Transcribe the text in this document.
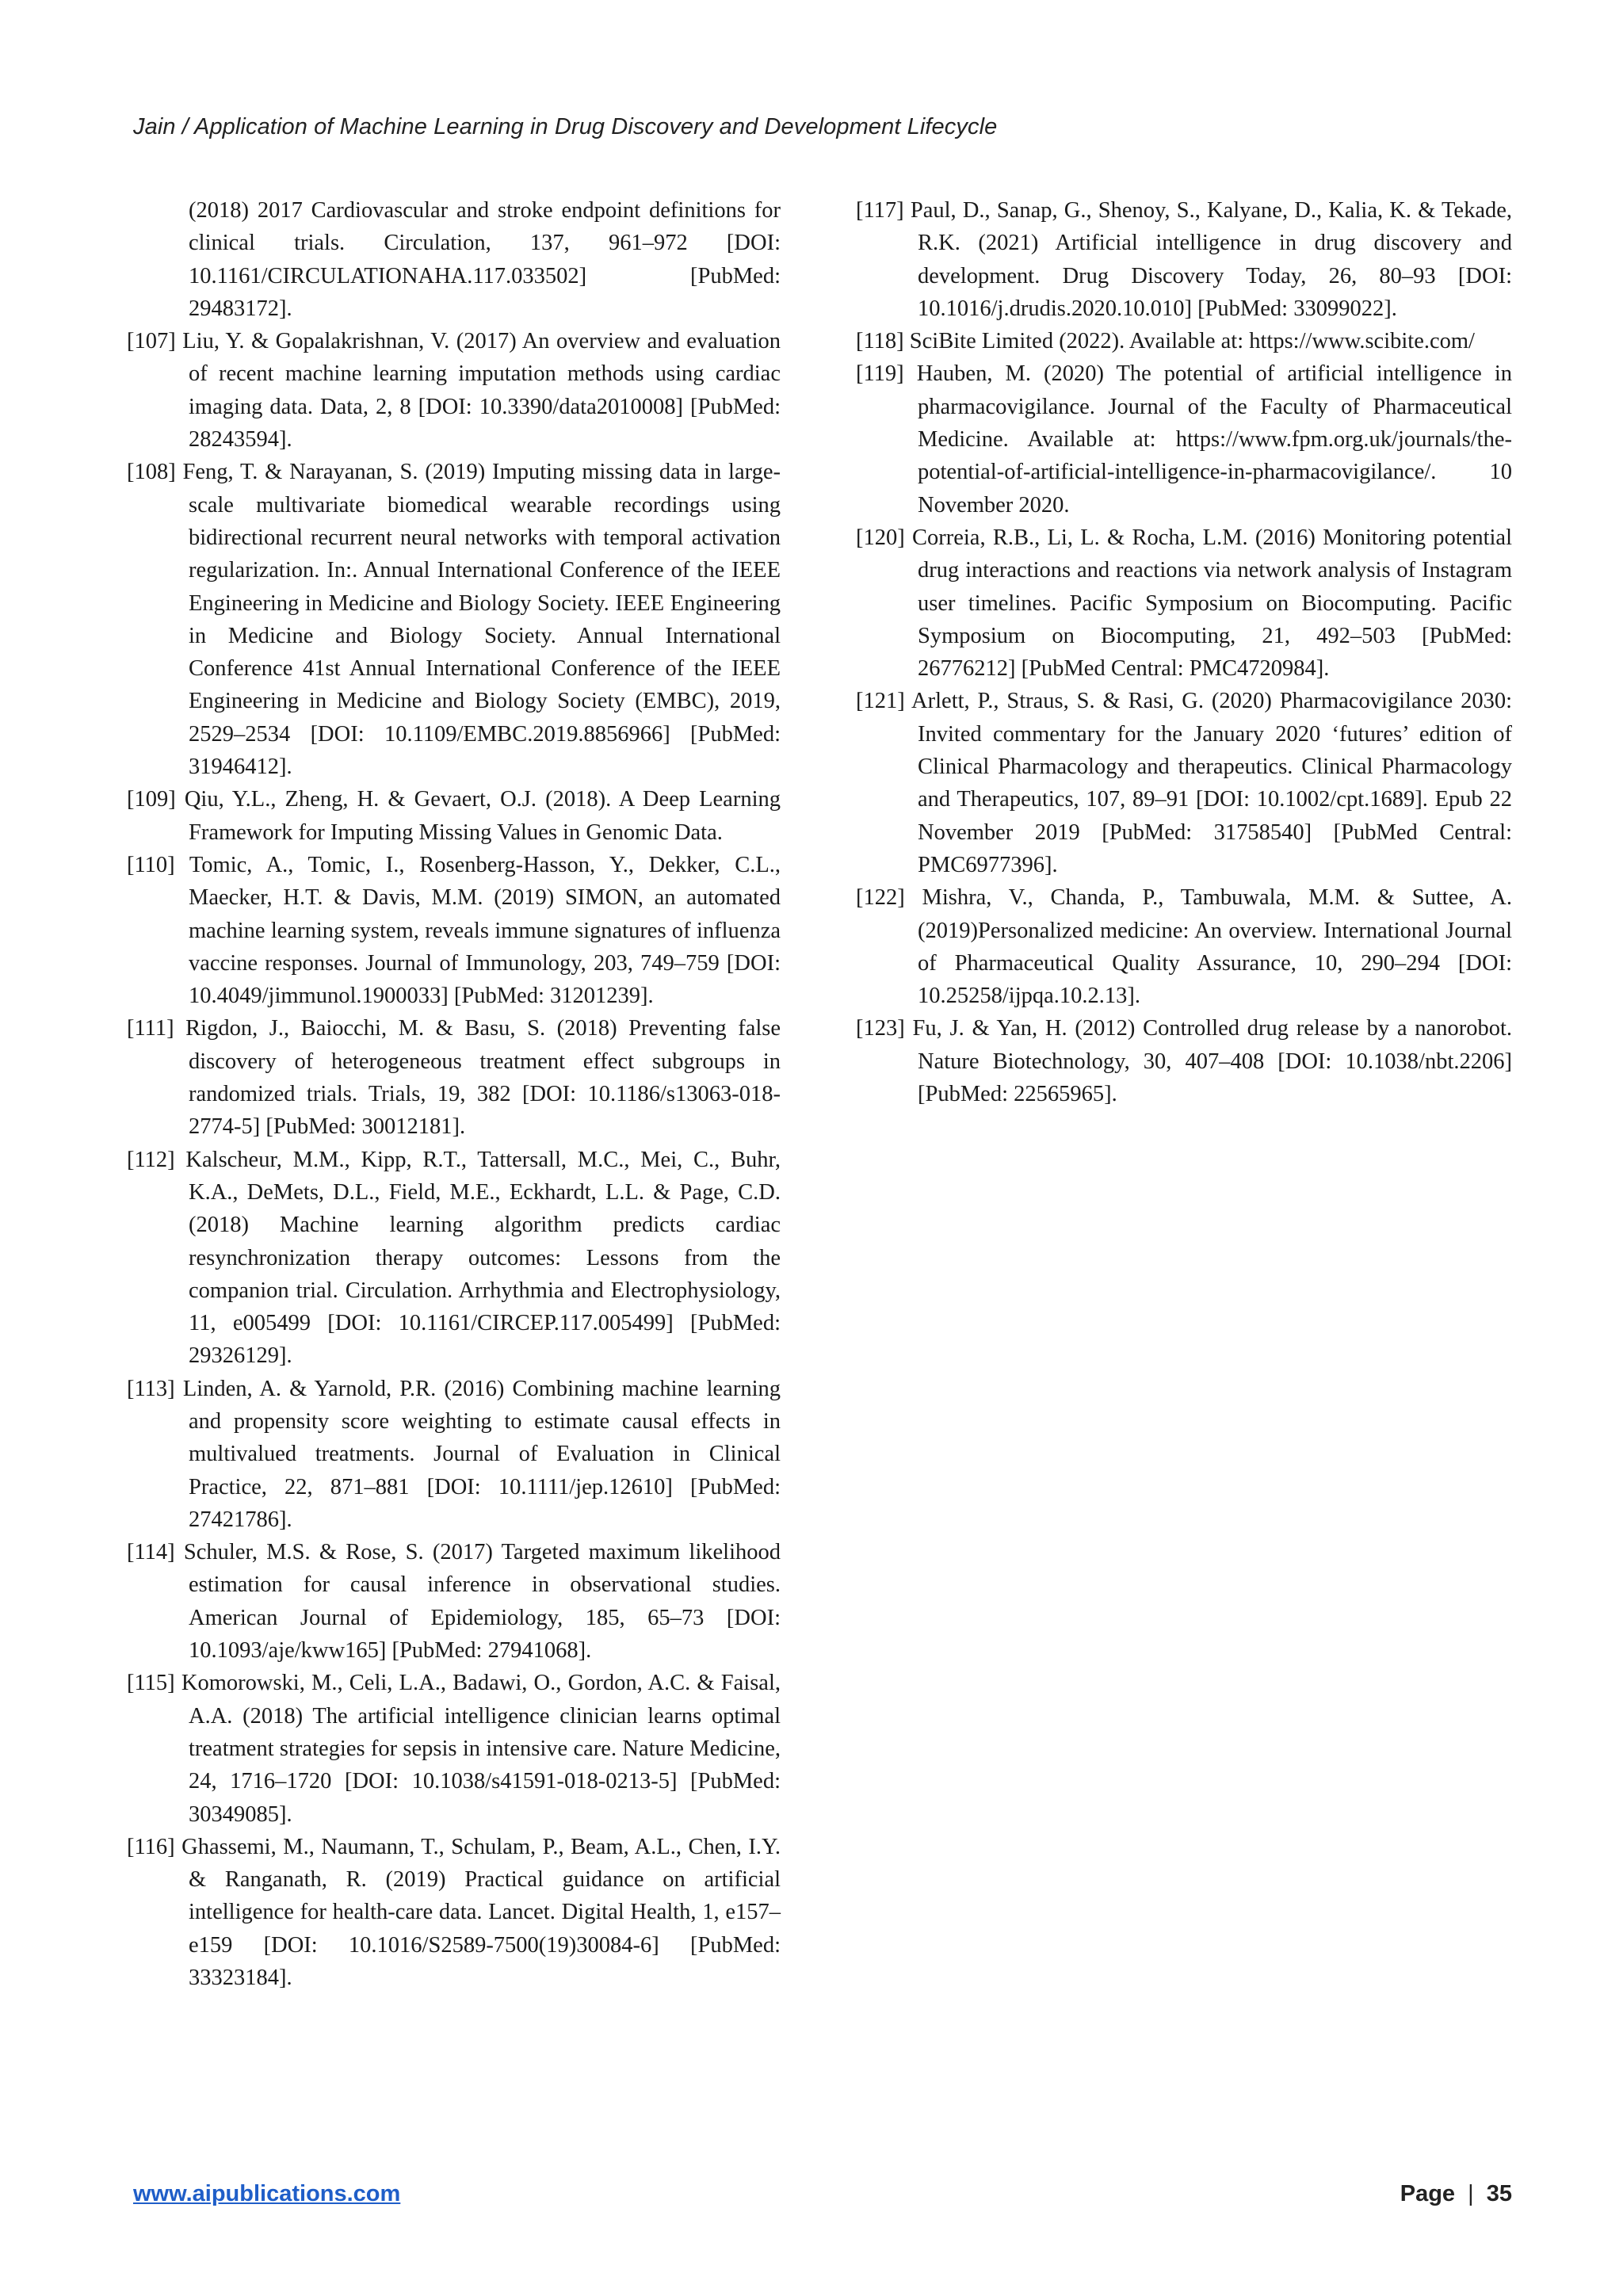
Jain / Application of Machine Learning in Drug Discovery and Development Lifecycle
(2018) 2017 Cardiovascular and stroke endpoint definitions for clinical trials. Circulation, 137, 961–972 [DOI: 10.1161/CIRCULATIONAHA.117.033502] [PubMed: 29483172].
[107] Liu, Y. & Gopalakrishnan, V. (2017) An overview and evaluation of recent machine learning imputation methods using cardiac imaging data. Data, 2, 8 [DOI: 10.3390/data2010008] [PubMed: 28243594].
[108] Feng, T. & Narayanan, S. (2019) Imputing missing data in large-scale multivariate biomedical wearable recordings using bidirectional recurrent neural networks with temporal activation regularization. In:. Annual International Conference of the IEEE Engineering in Medicine and Biology Society. IEEE Engineering in Medicine and Biology Society. Annual International Conference 41st Annual International Conference of the IEEE Engineering in Medicine and Biology Society (EMBC), 2019, 2529–2534 [DOI: 10.1109/EMBC.2019.8856966] [PubMed: 31946412].
[109] Qiu, Y.L., Zheng, H. & Gevaert, O.J. (2018). A Deep Learning Framework for Imputing Missing Values in Genomic Data.
[110] Tomic, A., Tomic, I., Rosenberg-Hasson, Y., Dekker, C.L., Maecker, H.T. & Davis, M.M. (2019) SIMON, an automated machine learning system, reveals immune signatures of influenza vaccine responses. Journal of Immunology, 203, 749–759 [DOI: 10.4049/jimmunol.1900033] [PubMed: 31201239].
[111] Rigdon, J., Baiocchi, M. & Basu, S. (2018) Preventing false discovery of heterogeneous treatment effect subgroups in randomized trials. Trials, 19, 382 [DOI: 10.1186/s13063-018-2774-5] [PubMed: 30012181].
[112] Kalscheur, M.M., Kipp, R.T., Tattersall, M.C., Mei, C., Buhr, K.A., DeMets, D.L., Field, M.E., Eckhardt, L.L. & Page, C.D. (2018) Machine learning algorithm predicts cardiac resynchronization therapy outcomes: Lessons from the companion trial. Circulation. Arrhythmia and Electrophysiology, 11, e005499 [DOI: 10.1161/CIRCEP.117.005499] [PubMed: 29326129].
[113] Linden, A. & Yarnold, P.R. (2016) Combining machine learning and propensity score weighting to estimate causal effects in multivalued treatments. Journal of Evaluation in Clinical Practice, 22, 871–881 [DOI: 10.1111/jep.12610] [PubMed: 27421786].
[114] Schuler, M.S. & Rose, S. (2017) Targeted maximum likelihood estimation for causal inference in observational studies. American Journal of Epidemiology, 185, 65–73 [DOI: 10.1093/aje/kww165] [PubMed: 27941068].
[115] Komorowski, M., Celi, L.A., Badawi, O., Gordon, A.C. & Faisal, A.A. (2018) The artificial intelligence clinician learns optimal treatment strategies for sepsis in intensive care. Nature Medicine, 24, 1716–1720 [DOI: 10.1038/s41591-018-0213-5] [PubMed: 30349085].
[116] Ghassemi, M., Naumann, T., Schulam, P., Beam, A.L., Chen, I.Y. & Ranganath, R. (2019) Practical guidance on artificial intelligence for health-care data. Lancet. Digital Health, 1, e157–e159 [DOI: 10.1016/S2589-7500(19)30084-6] [PubMed: 33323184].
[117] Paul, D., Sanap, G., Shenoy, S., Kalyane, D., Kalia, K. & Tekade, R.K. (2021) Artificial intelligence in drug discovery and development. Drug Discovery Today, 26, 80–93 [DOI: 10.1016/j.drudis.2020.10.010] [PubMed: 33099022].
[118] SciBite Limited (2022). Available at: https://www.scibite.com/
[119] Hauben, M. (2020) The potential of artificial intelligence in pharmacovigilance. Journal of the Faculty of Pharmaceutical Medicine. Available at: https://www.fpm.org.uk/journals/the-potential-of-artificial-intelligence-in-pharmacovigilance/. 10 November 2020.
[120] Correia, R.B., Li, L. & Rocha, L.M. (2016) Monitoring potential drug interactions and reactions via network analysis of Instagram user timelines. Pacific Symposium on Biocomputing. Pacific Symposium on Biocomputing, 21, 492–503 [PubMed: 26776212] [PubMed Central: PMC4720984].
[121] Arlett, P., Straus, S. & Rasi, G. (2020) Pharmacovigilance 2030: Invited commentary for the January 2020 ‘futures’ edition of Clinical Pharmacology and therapeutics. Clinical Pharmacology and Therapeutics, 107, 89–91 [DOI: 10.1002/cpt.1689]. Epub 22 November 2019 [PubMed: 31758540] [PubMed Central: PMC6977396].
[122] Mishra, V., Chanda, P., Tambuwala, M.M. & Suttee, A. (2019)Personalized medicine: An overview. International Journal of Pharmaceutical Quality Assurance, 10, 290–294 [DOI: 10.25258/ijpqa.10.2.13].
[123] Fu, J. & Yan, H. (2012) Controlled drug release by a nanorobot. Nature Biotechnology, 30, 407–408 [DOI: 10.1038/nbt.2206] [PubMed: 22565965].
www.aipublications.com	Page | 35
